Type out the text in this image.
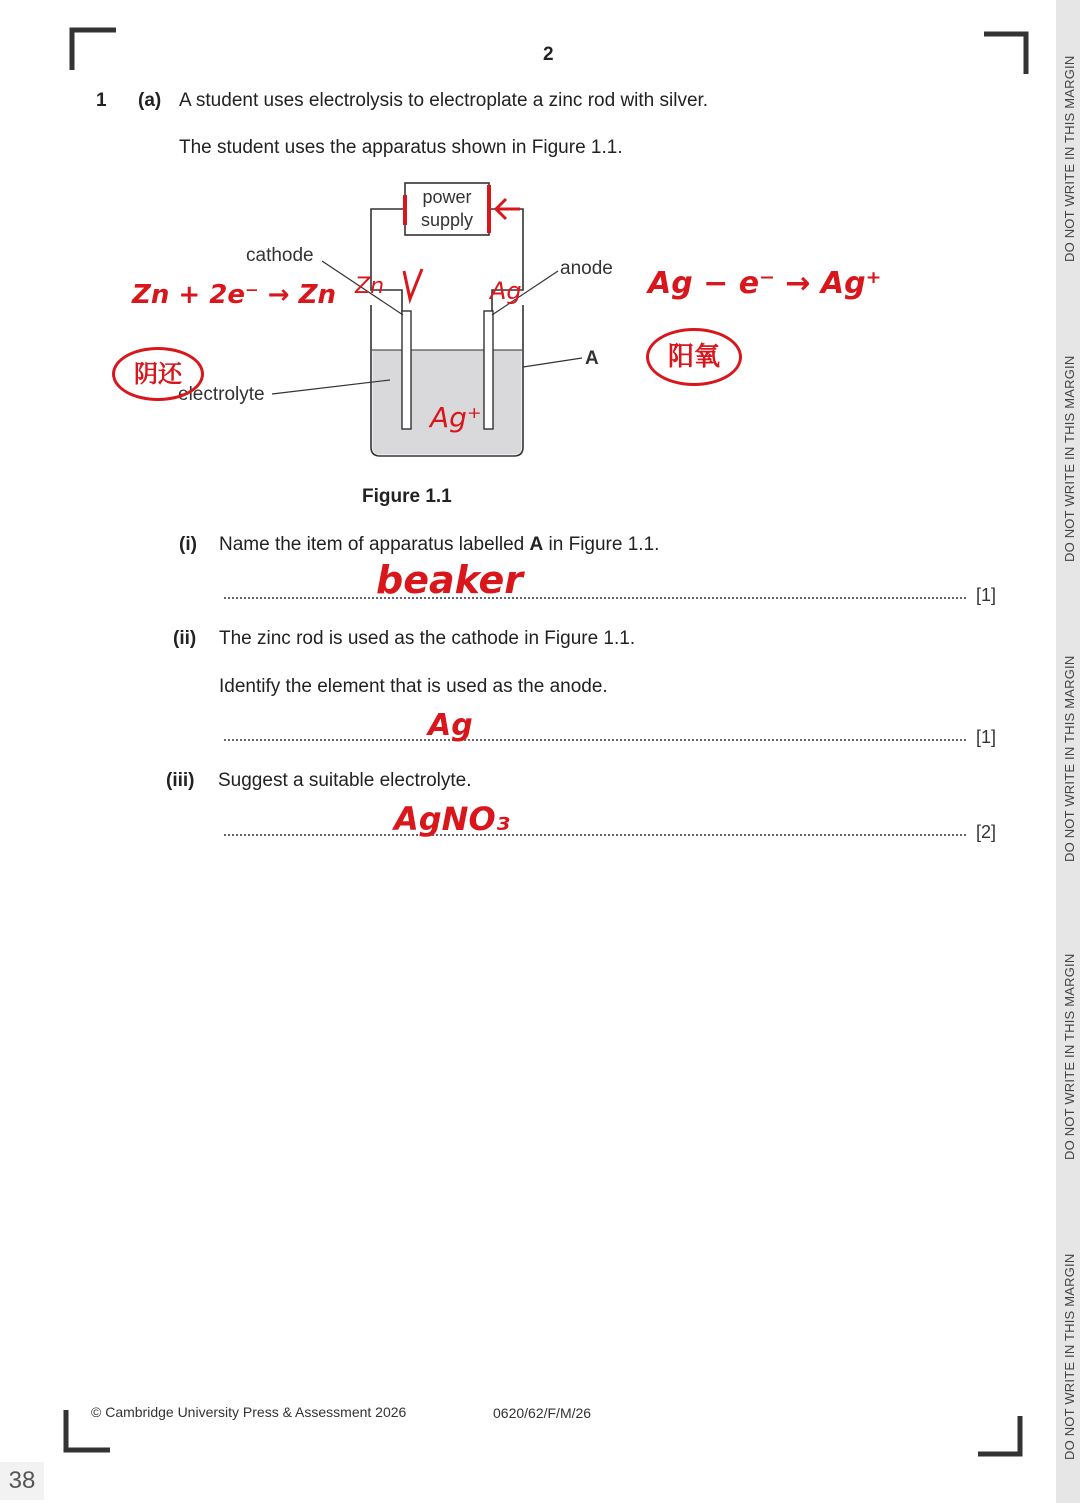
DO NOT WRITE IN THIS MARGIN
DO NOT WRITE IN THIS MARGIN
DO NOT WRITE IN THIS MARGIN
DO NOT WRITE IN THIS MARGIN
DO NOT WRITE IN THIS MARGIN
2
1 (a) A student uses electrolysis to electroplate a zinc rod with silver.
The student uses the apparatus shown in Figure 1.1.
power
supply
cathode
anode
electrolyte
A
Zn	Ag
Ag⁺
Zn + 2e⁻ → Zn
阴还
Ag − e⁻ → Ag⁺
阳氧
Figure 1.1
(i) Name the item of apparatus labelled A in Figure 1.1.
beaker	[1]
(ii) The zinc rod is used as the cathode in Figure 1.1.
Identify the element that is used as the anode.
Ag	[1]
(iii) Suggest a suitable electrolyte.
AgNO₃	[2]
© Cambridge University Press & Assessment 2026	0620/62/F/M/26
38
